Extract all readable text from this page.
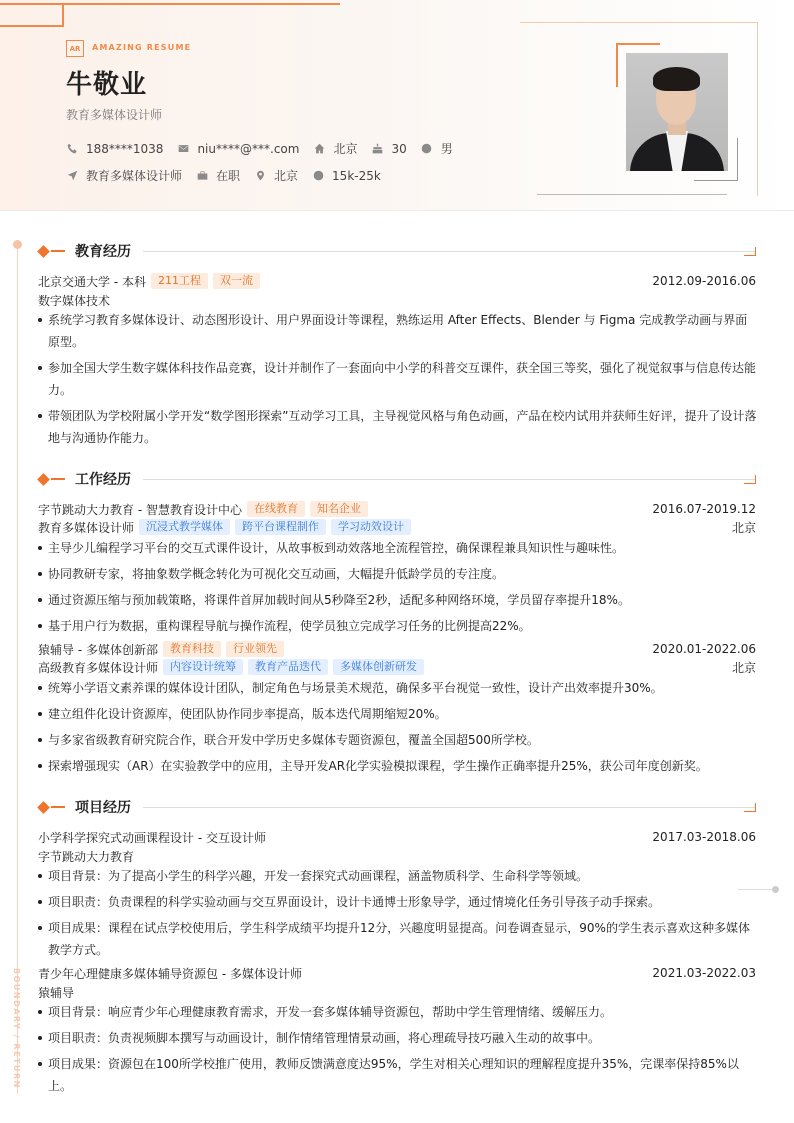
AR	AMAZING RESUME
牛敬业
教育多媒体设计师
188****1038	niu****@***.com	北京	30	男
教育多媒体设计师	在职	北京	15k-25k
BOUNDARY / RETURN
教育经历
北京交通大学 - 本科	211工程	双一流	2012.09-2016.06
数字媒体技术
系统学习教育多媒体设计、动态图形设计、用户界面设计等课程，熟练运用 After Effects、Blender 与 Figma 完成教学动画与界面原型。
参加全国大学生数字媒体科技作品竞赛，设计并制作了一套面向中小学的科普交互课件，获全国三等奖，强化了视觉叙事与信息传达能力。
带领团队为学校附属小学开发“数学图形探索”互动学习工具，主导视觉风格与角色动画，产品在校内试用并获师生好评，提升了设计落地与沟通协作能力。
工作经历
字节跳动大力教育 - 智慧教育设计中心	在线教育	知名企业	2016.07-2019.12
教育多媒体设计师	沉浸式教学媒体	跨平台课程制作	学习动效设计	北京
主导少儿编程学习平台的交互式课件设计，从故事板到动效落地全流程管控，确保课程兼具知识性与趣味性。
协同教研专家，将抽象数学概念转化为可视化交互动画，大幅提升低龄学员的专注度。
通过资源压缩与预加载策略，将课件首屏加载时间从5秒降至2秒，适配多种网络环境，学员留存率提升18%。
基于用户行为数据，重构课程导航与操作流程，使学员独立完成学习任务的比例提高22%。
猿辅导 - 多媒体创新部	教育科技	行业领先	2020.01-2022.06
高级教育多媒体设计师	内容设计统筹	教育产品迭代	多媒体创新研发	北京
统筹小学语文素养课的媒体设计团队，制定角色与场景美术规范，确保多平台视觉一致性，设计产出效率提升30%。
建立组件化设计资源库，使团队协作同步率提高，版本迭代周期缩短20%。
与多家省级教育研究院合作，联合开发中学历史多媒体专题资源包，覆盖全国超500所学校。
探索增强现实（AR）在实验教学中的应用，主导开发AR化学实验模拟课程，学生操作正确率提升25%，获公司年度创新奖。
项目经历
小学科学探究式动画课程设计 - 交互设计师	2017.03-2018.06
字节跳动大力教育
项目背景：为了提高小学生的科学兴趣，开发一套探究式动画课程，涵盖物质科学、生命科学等领域。
项目职责：负责课程的科学实验动画与交互界面设计，设计卡通博士形象导学，通过情境化任务引导孩子动手探索。
项目成果：课程在试点学校使用后，学生科学成绩平均提升12分，兴趣度明显提高。问卷调查显示，90%的学生表示喜欢这种多媒体教学方式。
青少年心理健康多媒体辅导资源包 - 多媒体设计师	2021.03-2022.03
猿辅导
项目背景：响应青少年心理健康教育需求，开发一套多媒体辅导资源包，帮助中学生管理情绪、缓解压力。
项目职责：负责视频脚本撰写与动画设计，制作情绪管理情景动画，将心理疏导技巧融入生动的故事中。
项目成果：资源包在100所学校推广使用，教师反馈满意度达95%，学生对相关心理知识的理解程度提升35%，完课率保持85%以上。
